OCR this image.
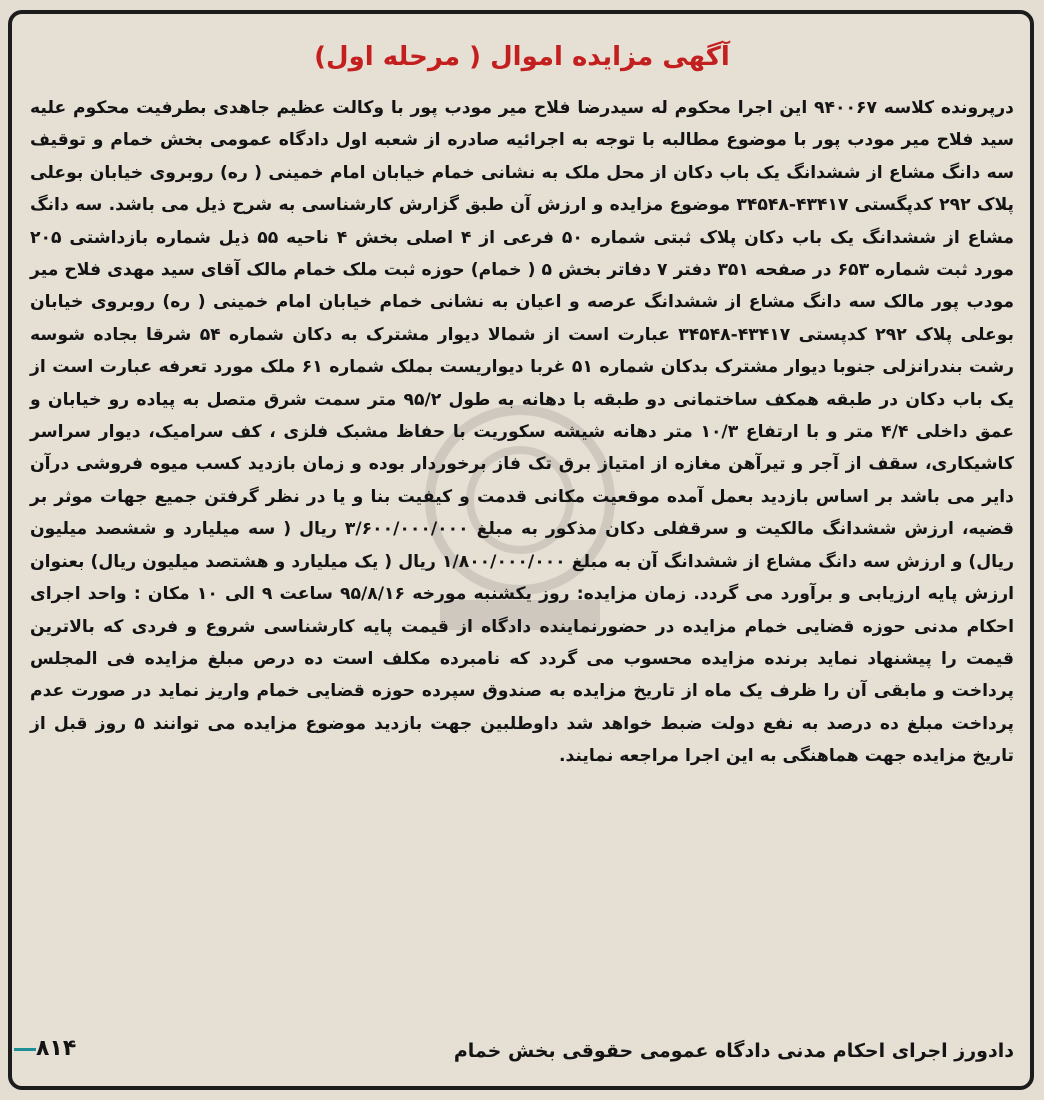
آگهی مزایده اموال ( مرحله اول)

درپرونده کلاسه ۹۴۰۰۶۷ این اجرا محکوم له سیدرضا فلاح میر مودب پور با وکالت عظیم جاهدی بطرفیت محکوم علیه سید فلاح میر مودب پور با موضوع مطالبه با توجه به اجرائیه صادره از شعبه اول دادگاه عمومی بخش خمام و توقیف سه دانگ مشاع از ششدانگ یک باب دکان از محل ملک به نشانی خمام خیابان امام خمینی ( ره) روبروی خیابان بوعلی پلاک ۲۹۲ کدپگستی ۴۳۴۱۷-۳۴۵۴۸ موضوع مزایده و ارزش آن طبق گزارش کارشناسی به شرح ذیل می باشد. سه دانگ مشاع از ششدانگ یک باب دکان پلاک ثبتی شماره ۵۰ فرعی از ۴ اصلی بخش ۴ ناحیه ۵۵ ذیل شماره بازداشتی ۲۰۵ مورد ثبت شماره ۶۵۳ در صفحه ۳۵۱ دفتر ۷ دفاتر بخش ۵ ( خمام) حوزه ثبت ملک خمام مالک آقای سید مهدی فلاح میر مودب پور مالک سه دانگ مشاع از ششدانگ عرصه و اعیان به نشانی خمام خیابان امام خمینی ( ره) روبروی خیابان بوعلی پلاک ۲۹۲ کدپستی ۴۳۴۱۷-۳۴۵۴۸ عبارت است از شمالا دیوار مشترک به دکان شماره ۵۴ شرقا بجاده شوسه رشت بندرانزلی جنوبا دیوار مشترک بدکان شماره ۵۱ غربا دیواریست بملک شماره ۶۱ ملک مورد تعرفه عبارت است از یک باب دکان در طبقه همکف ساختمانی دو طبقه با دهانه به طول ۹۵/۲ متر سمت شرق متصل به پیاده رو خیابان و عمق داخلی ۴/۴ متر و با ارتفاع ۱۰/۳ متر دهانه شیشه سکوریت با حفاظ مشبک فلزی ، کف سرامیک، دیوار سراسر کاشیکاری، سقف از آجر و تیرآهن مغازه از امتیاز برق تک فاز برخوردار بوده و زمان بازدید کسب میوه فروشی درآن دایر می باشد بر اساس بازدید بعمل آمده موقعیت مکانی قدمت و کیفیت بنا و یا در نظر گرفتن جمیع جهات موثر بر قضیه، ارزش ششدانگ مالکیت و سرقفلی دکان مذکور به مبلغ ۳/۶۰۰/۰۰۰/۰۰۰ ریال ( سه میلیارد و ششصد میلیون ریال) و ارزش سه دانگ مشاع از ششدانگ آن به مبلغ ۱/۸۰۰/۰۰۰/۰۰۰ ریال ( یک میلیارد و هشتصد میلیون ریال) بعنوان ارزش پایه ارزیابی و برآورد می گردد. زمان مزایده: روز یکشنبه مورخه ۹۵/۸/۱۶ ساعت ۹ الی ۱۰ مکان : واحد اجرای احکام مدنی حوزه قضایی خمام مزایده در حضورنماینده دادگاه از قیمت پایه کارشناسی شروع و فردی که بالاترین قیمت را پیشنهاد نماید برنده مزایده محسوب می گردد که نامبرده مکلف است ده درص مبلغ مزایده فی المجلس پرداخت و مابقی آن را ظرف یک ماه از تاریخ مزایده به صندوق سپرده حوزه قضایی خمام واریز نماید در صورت عدم پرداخت مبلغ ده درصد به نفع دولت ضبط خواهد شد داوطلبین جهت بازدید موضوع مزایده می توانند ۵ روز قبل از تاریخ مزایده جهت هماهنگی به این اجرا مراجعه نمایند.

دادورز اجرای احکام مدنی دادگاه عمومی حقوقی بخش خمام
۸۱۴
